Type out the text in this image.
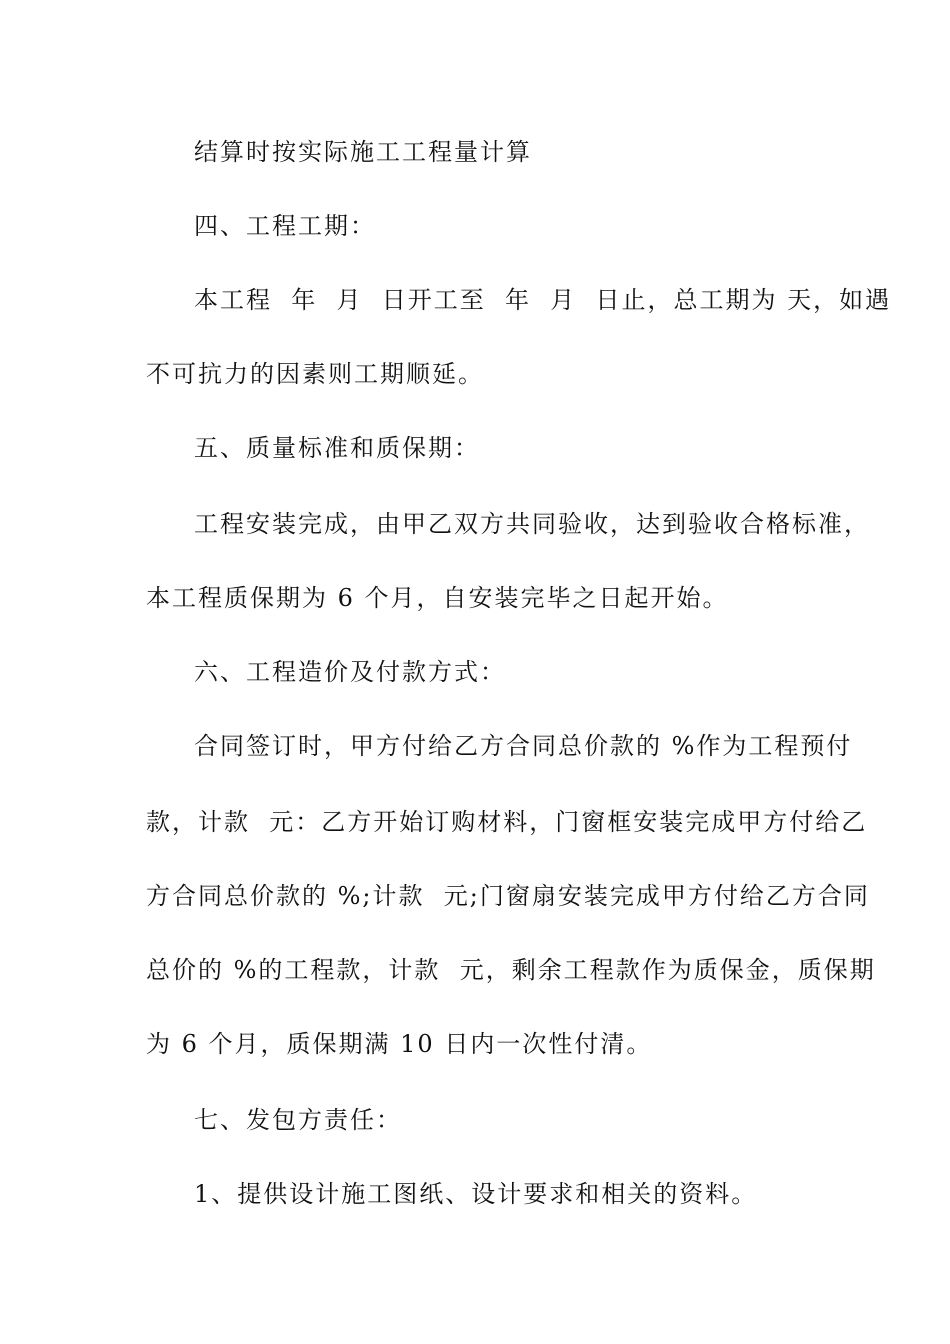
结算时按实际施工工程量计算
四、工程工期：
本工程  年  月  日开工至  年  月  日止，总工期为 天，如遇
不可抗力的因素则工期顺延。
五、质量标准和质保期：
工程安装完成，由甲乙双方共同验收，达到验收合格标准，
本工程质保期为 6 个月，自安装完毕之日起开始。
六、工程造价及付款方式：
合同签订时，甲方付给乙方合同总价款的 %作为工程预付
款，计款  元：乙方开始订购材料，门窗框安装完成甲方付给乙
方合同总价款的 %;计款  元;门窗扇安装完成甲方付给乙方合同
总价的 %的工程款，计款  元，剩余工程款作为质保金，质保期
为 6 个月，质保期满 10 日内一次性付清。
七、发包方责任：
1、提供设计施工图纸、设计要求和相关的资料。
